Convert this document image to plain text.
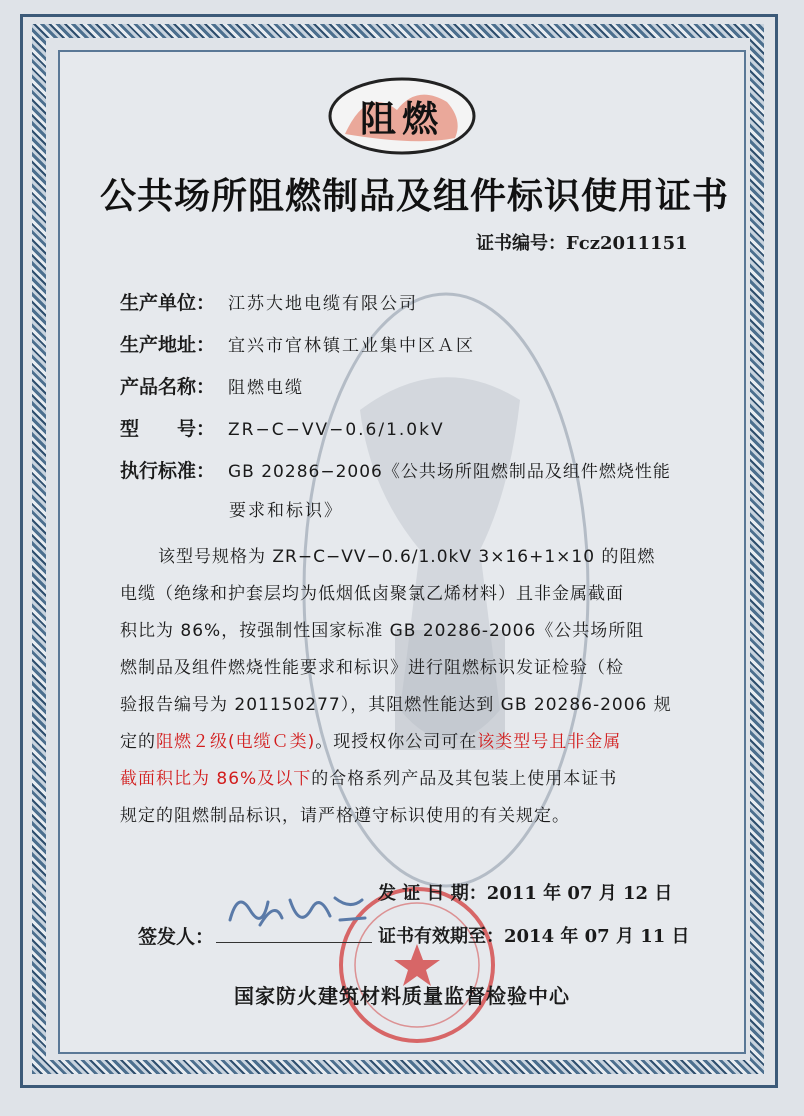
阻燃
公共场所阻燃制品及组件标识使用证书
证书编号：Fcz2011151
生产单位： 江苏大地电缆有限公司
生产地址： 宜兴市官林镇工业集中区Ａ区
产品名称： 阻燃电缆
型　　号： ZR−C−VV−0.6/1.0kV
执行标准： GB 20286−2006《公共场所阻燃制品及组件燃烧性能
要求和标识》
该型号规格为 ZR−C−VV−0.6/1.0kV 3×16+1×10 的阻燃
电缆（绝缘和护套层均为低烟低卤聚氯乙烯材料）且非金属截面
积比为 86%，按强制性国家标准 GB 20286-2006《公共场所阻
燃制品及组件燃烧性能要求和标识》进行阻燃标识发证检验（检
验报告编号为 201150277），其阻燃性能达到 GB 20286-2006 规
定的阻燃２级(电缆Ｃ类)。现授权你公司可在该类型号且非金属
截面积比为 86%及以下的合格系列产品及其包装上使用本证书
规定的阻燃制品标识，请严格遵守标识使用的有关规定。
签发人：
发 证 日 期：2011 年 07 月 12 日
证书有效期至：2014 年 07 月 11 日
国家防火建筑材料质量监督检验中心
